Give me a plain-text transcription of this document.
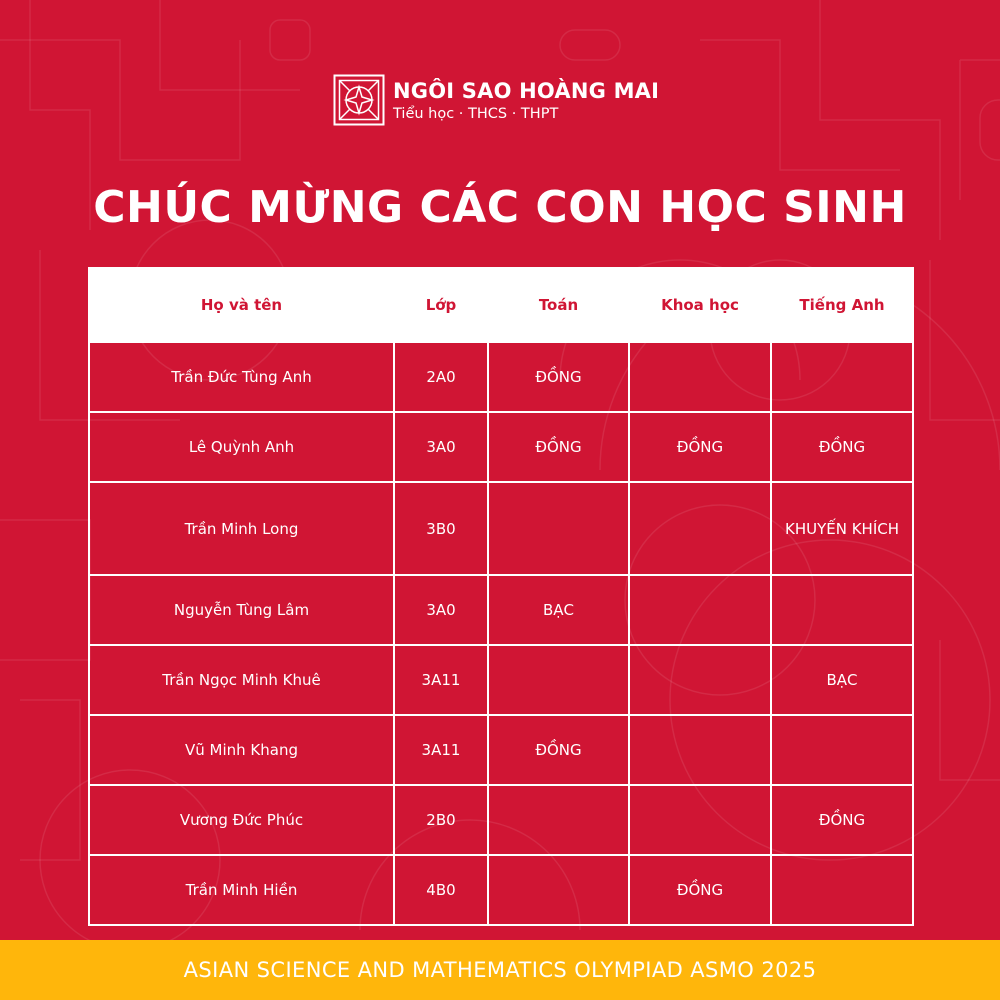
NGÔI SAO HOÀNG MAI
Tiểu học · THCS · THPT
CHÚC MỪNG CÁC CON HỌC SINH
Họ và tên	Lớp	Toán	Khoa học	Tiếng Anh
Trần Đức Tùng Anh	2A0	ĐỒNG		
Lê Quỳnh Anh	3A0	ĐỒNG	ĐỒNG	ĐỒNG
Trần Minh Long	3B0			KHUYẾN KHÍCH
Nguyễn Tùng Lâm	3A0	BẠC		
Trần Ngọc Minh Khuê	3A11			BẠC
Vũ Minh Khang	3A11	ĐỒNG		
Vương Đức Phúc	2B0			ĐỒNG
Trần Minh Hiền	4B0		ĐỒNG	
ASIAN SCIENCE AND MATHEMATICS OLYMPIAD ASMO 2025
